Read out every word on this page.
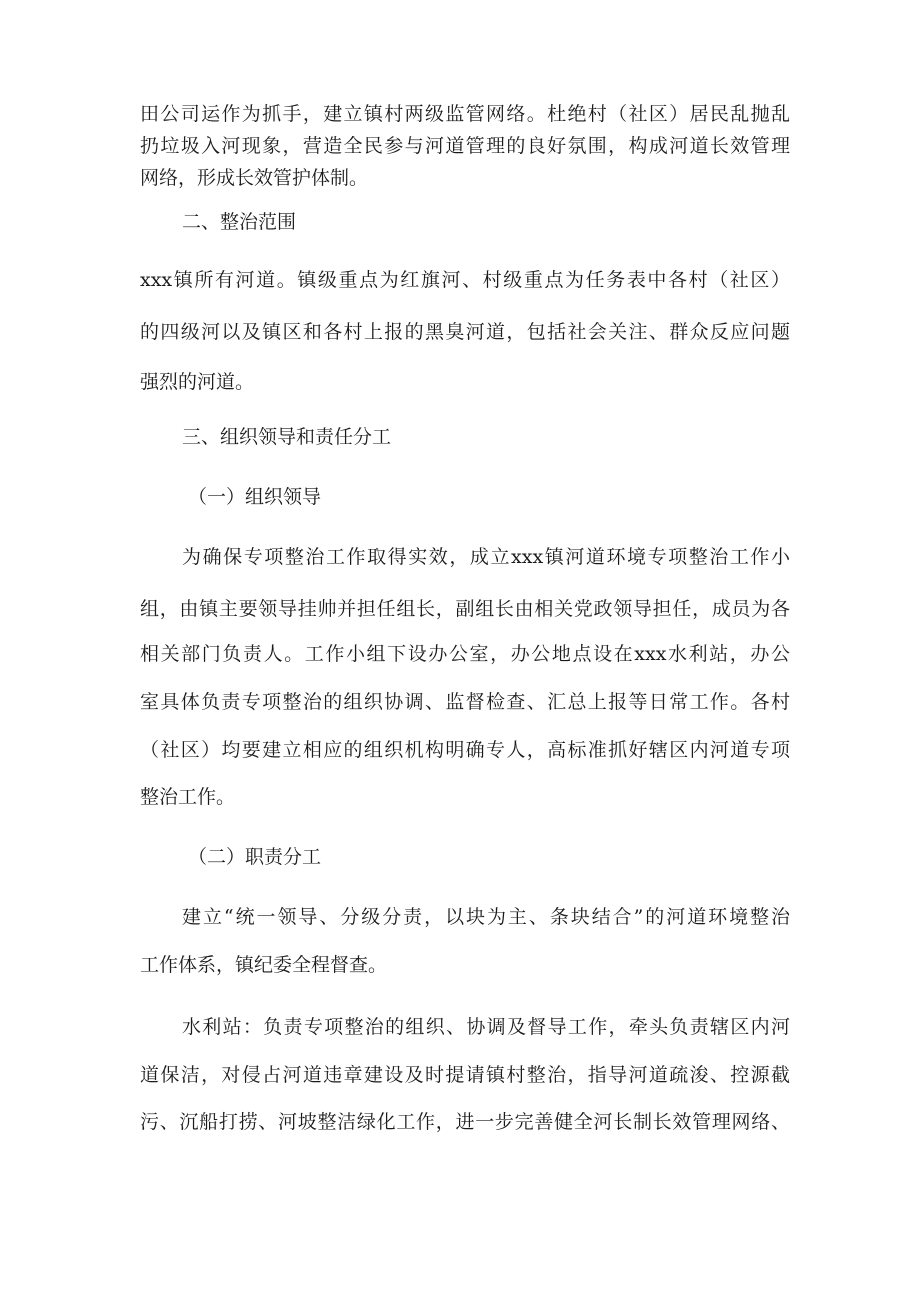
田公司运作为抓手，建立镇村两级监管网络。杜绝村（社区）居民乱抛乱
扔垃圾入河现象，营造全民参与河道管理的良好氛围，构成河道长效管理
网络，形成长效管护体制。
二、整治范围
xxx镇所有河道。镇级重点为红旗河、村级重点为任务表中各村（社区）
的四级河以及镇区和各村上报的黑臭河道，包括社会关注、群众反应问题
强烈的河道。
三、组织领导和责任分工
（一）组织领导
为确保专项整治工作取得实效，成立xxx镇河道环境专项整治工作小
组，由镇主要领导挂帅并担任组长，副组长由相关党政领导担任，成员为各
相关部门负责人。工作小组下设办公室，办公地点设在xxx水利站，办公
室具体负责专项整治的组织协调、监督检查、汇总上报等日常工作。各村
（社区）均要建立相应的组织机构明确专人，高标准抓好辖区内河道专项
整治工作。
（二）职责分工
建立“统一领导、分级分责，以块为主、条块结合”的河道环境整治
工作体系，镇纪委全程督查。
水利站：负责专项整治的组织、协调及督导工作，牵头负责辖区内河
道保洁，对侵占河道违章建设及时提请镇村整治，指导河道疏浚、控源截
污、沉船打捞、河坡整洁绿化工作，进一步完善健全河长制长效管理网络、
